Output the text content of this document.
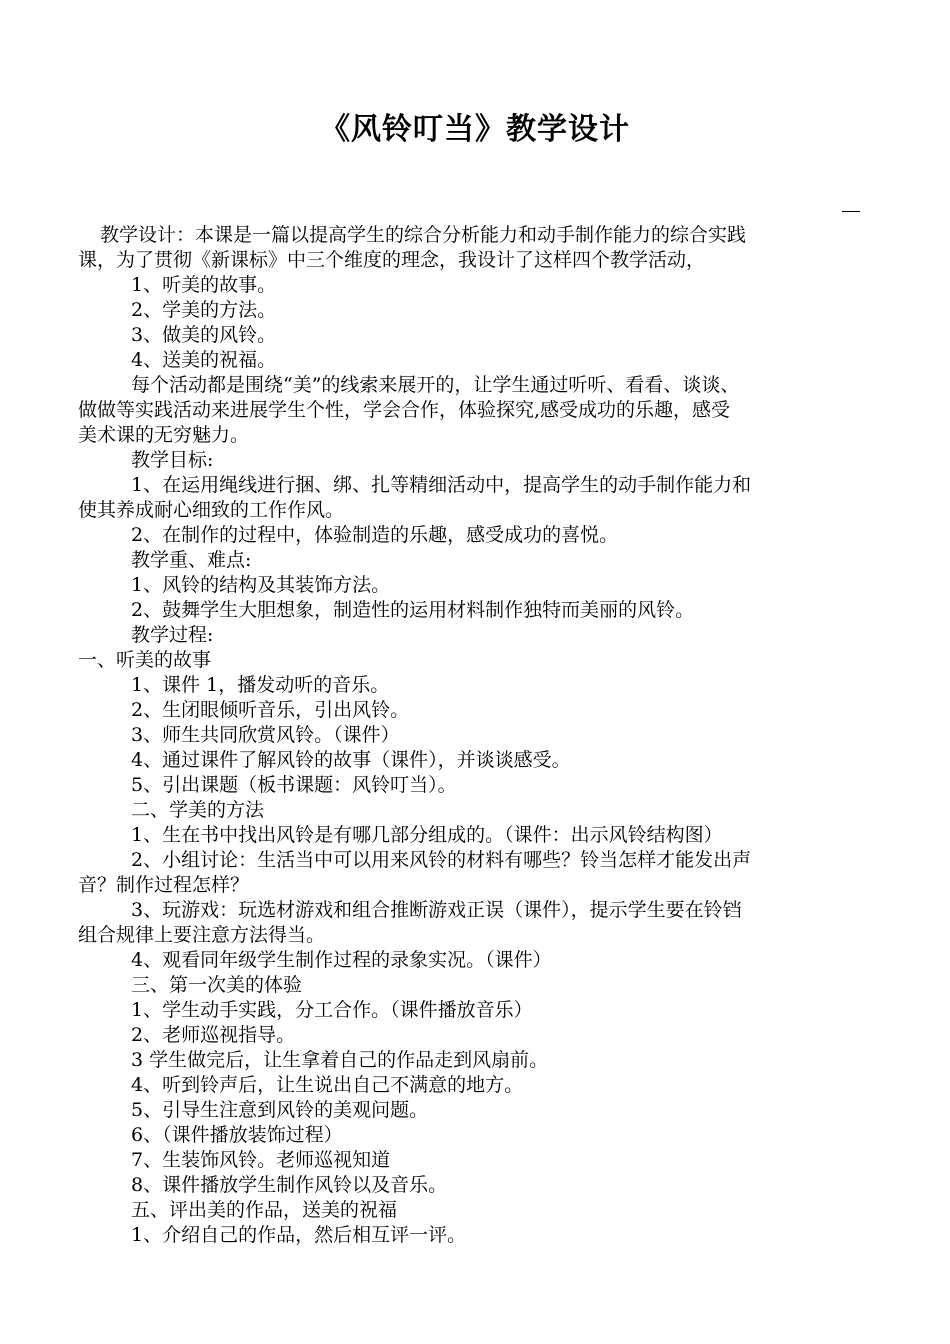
《风铃叮当》教学设计

教学设计：本课是一篇以提高学生的综合分析能力和动手制作能力的综合实践

课，为了贯彻《新课标》中三个维度的理念，我设计了这样四个教学活动，

1、听美的故事。

2、学美的方法。

3、做美的风铃。

4、送美的祝福。

每个活动都是围绕“美”的线索来展开的，让学生通过听听、看看、谈谈、

做做等实践活动来进展学生个性，学会合作，体验探究,感受成功的乐趣，感受

美术课的无穷魅力。

教学目标:

1、在运用绳线进行捆、绑、扎等精细活动中，提高学生的动手制作能力和

使其养成耐心细致的工作作风。

2、在制作的过程中，体验制造的乐趣，感受成功的喜悦。

教学重、难点:

1、风铃的结构及其装饰方法。

2、鼓舞学生大胆想象，制造性的运用材料制作独特而美丽的风铃。

教学过程:

一、听美的故事

1、课件 1，播发动听的音乐。

2、生闭眼倾听音乐，引出风铃。

3、师生共同欣赏风铃。（课件）

4、通过课件了解风铃的故事（课件），并谈谈感受。

5、引出课题（板书课题：风铃叮当）。

二、学美的方法

1、生在书中找出风铃是有哪几部分组成的。（课件：出示风铃结构图）

2、小组讨论：生活当中可以用来风铃的材料有哪些？铃当怎样才能发出声

音？制作过程怎样？

3、玩游戏：玩选材游戏和组合推断游戏正误（课件），提示学生要在铃铛

组合规律上要注意方法得当。

4、观看同年级学生制作过程的录象实况。（课件）

三、第一次美的体验

1、学生动手实践，分工合作。（课件播放音乐）

2、老师巡视指导。

3 学生做完后，让生拿着自己的作品走到风扇前。

4、听到铃声后，让生说出自己不满意的地方。

5、引导生注意到风铃的美观问题。

6、（课件播放装饰过程）

7、生装饰风铃。老师巡视知道

8、课件播放学生制作风铃以及音乐。

五、评出美的作品，送美的祝福

1、介绍自己的作品，然后相互评一评。
